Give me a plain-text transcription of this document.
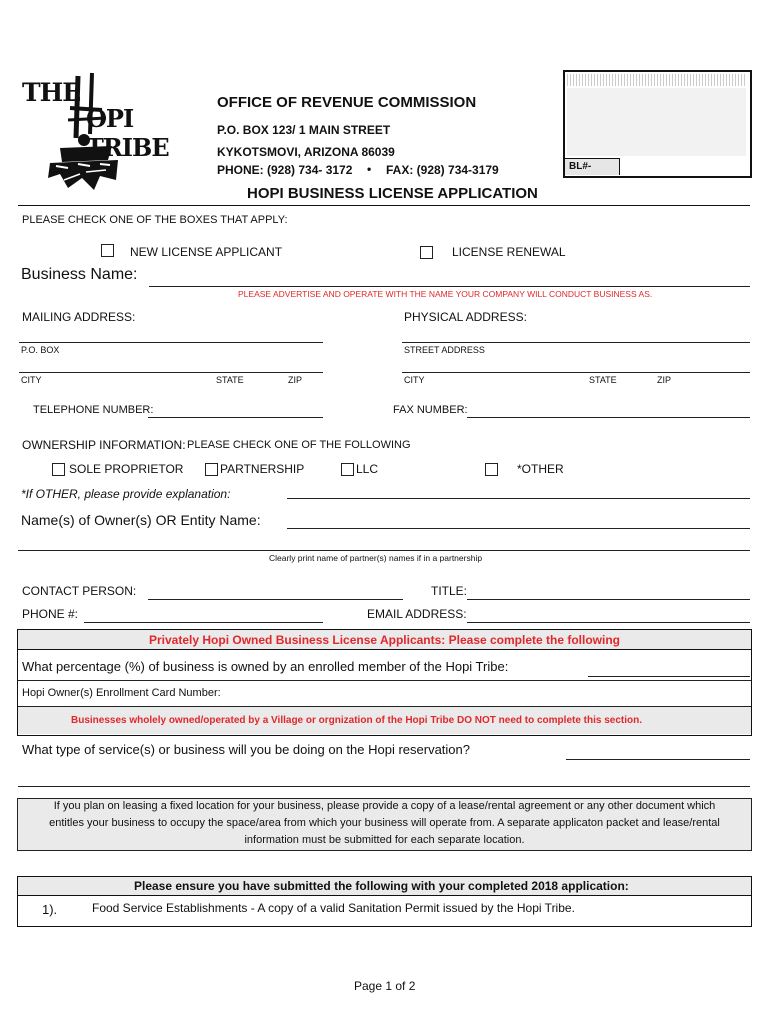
THE
OPI TRIBE
OFFICE OF REVENUE COMMISSION
P.O. BOX 123/ 1 MAIN STREET
KYKOTSMOVI, ARIZONA 86039
PHONE: (928) 734- 3172 • FAX: (928) 734-3179	BL#-
HOPI BUSINESS LICENSE APPLICATION
PLEASE CHECK ONE OF THE BOXES THAT APPLY:
NEW LICENSE APPLICANT	LICENSE RENEWAL
Business Name:
PLEASE ADVERTISE AND OPERATE WITH THE NAME YOUR COMPANY WILL CONDUCT BUSINESS AS.
MAILING ADDRESS:	PHYSICAL ADDRESS:
P.O. BOX	STREET ADDRESS
CITY	STATE	ZIP	CITY	STATE	ZIP
TELEPHONE NUMBER:	FAX NUMBER:
OWNERSHIP INFORMATION: PLEASE CHECK ONE OF THE FOLLOWING
SOLE PROPRIETOR	PARTNERSHIP	LLC	*OTHER
*If OTHER, please provide explanation:
Name(s) of Owner(s) OR Entity Name:
Clearly print name of partner(s) names if in a partnership
CONTACT PERSON:	TITLE:
PHONE #:	EMAIL ADDRESS:
Privately Hopi Owned Business License Applicants: Please complete the following
What percentage (%) of business is owned by an enrolled member of the Hopi Tribe:
Hopi Owner(s) Enrollment Card Number:
Businesses wholely owned/operated by a Village or orgnization of the Hopi Tribe DO NOT need to complete this section.
What type of service(s) or business will you be doing on the Hopi reservation?
If you plan on leasing a fixed location for your business, please provide a copy of a lease/rental agreement or any other document which
entitles your business to occupy the space/area from which your business will operate from. A separate applicaton packet and lease/rental
information must be submitted for each separate location.
Please ensure you have submitted the following with your completed 2018 application:
1).	Food Service Establishments - A copy of a valid Sanitation Permit issued by the Hopi Tribe.
Page 1 of 2
